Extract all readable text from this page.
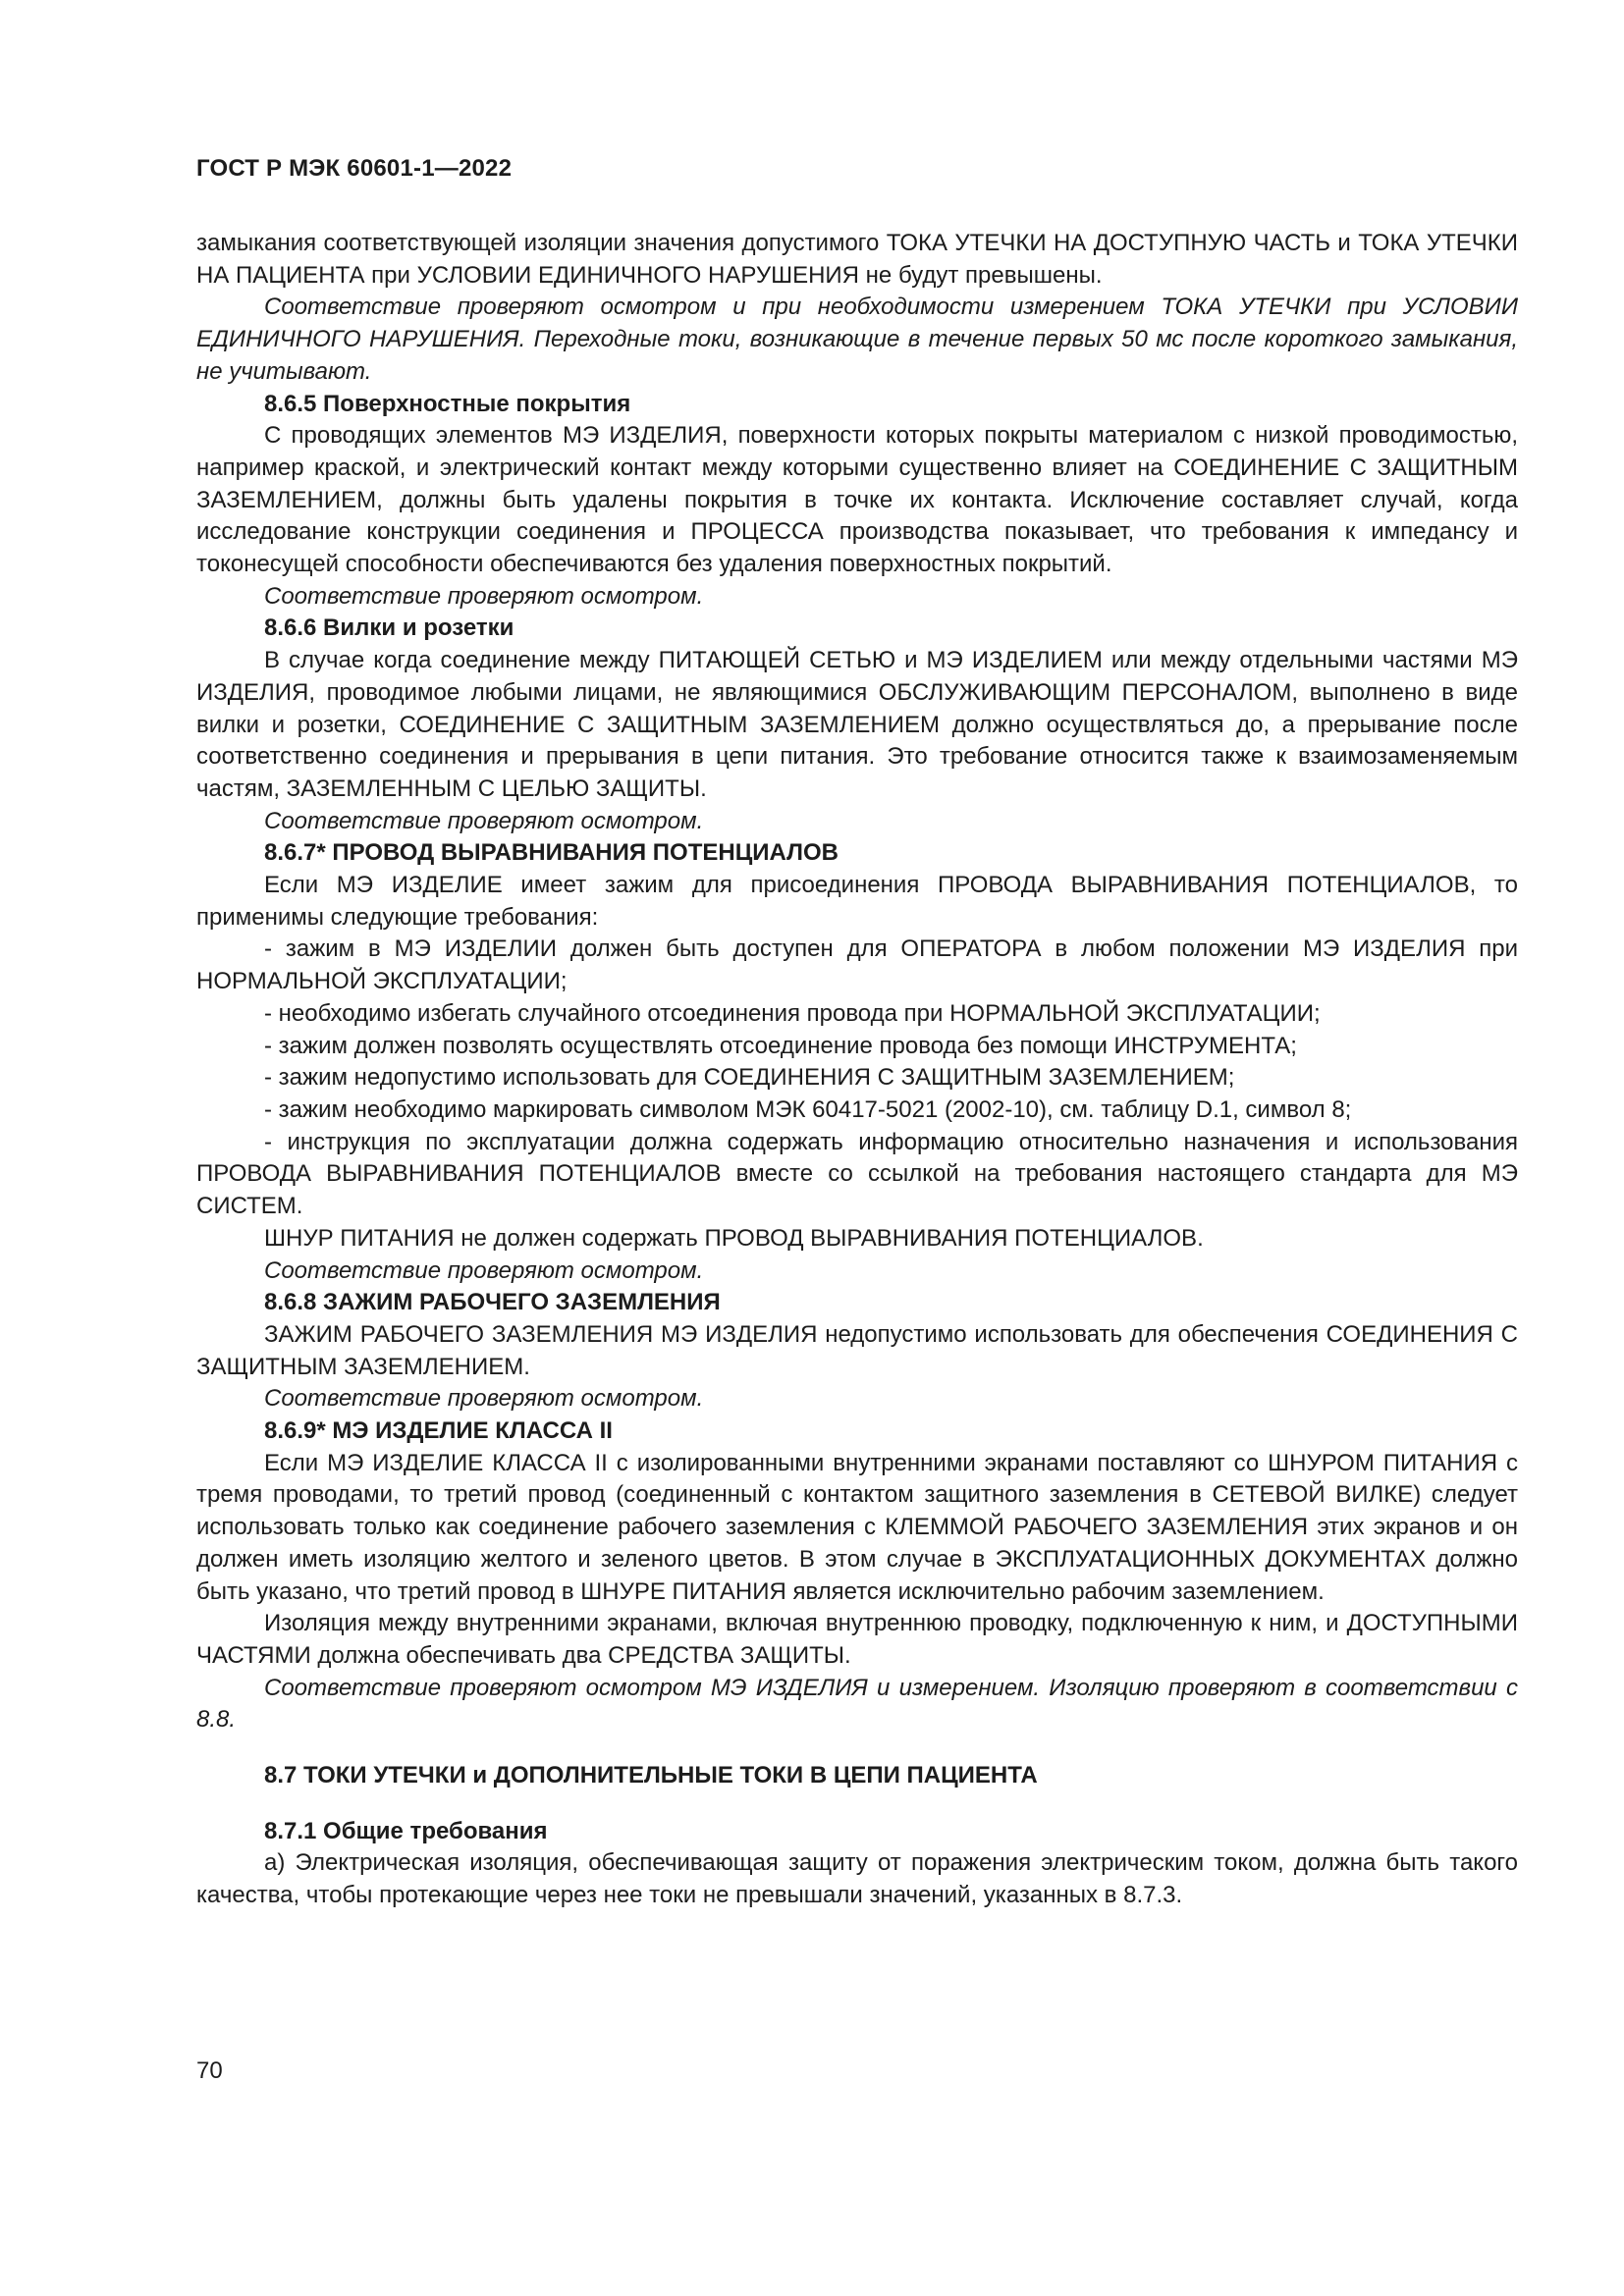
ГОСТ Р МЭК 60601-1—2022

замыкания соответствующей изоляции значения допустимого ТОКА УТЕЧКИ НА ДОСТУПНУЮ ЧАСТЬ и ТОКА УТЕЧКИ НА ПАЦИЕНТА при УСЛОВИИ ЕДИНИЧНОГО НАРУШЕНИЯ не будут превышены.

Соответствие проверяют осмотром и при необходимости измерением ТОКА УТЕЧКИ при УСЛОВИИ ЕДИНИЧНОГО НАРУШЕНИЯ. Переходные токи, возникающие в течение первых 50 мс после короткого замыкания, не учитывают.

8.6.5 Поверхностные покрытия

С проводящих элементов МЭ ИЗДЕЛИЯ, поверхности которых покрыты материалом с низкой проводимостью, например краской, и электрический контакт между которыми существенно влияет на СОЕДИНЕНИЕ С ЗАЩИТНЫМ ЗАЗЕМЛЕНИЕМ, должны быть удалены покрытия в точке их контакта. Исключение составляет случай, когда исследование конструкции соединения и ПРОЦЕССА производства показывает, что требования к импедансу и токонесущей способности обеспечиваются без удаления поверхностных покрытий.

Соответствие проверяют осмотром.

8.6.6 Вилки и розетки

В случае когда соединение между ПИТАЮЩЕЙ СЕТЬЮ и МЭ ИЗДЕЛИЕМ или между отдельными частями МЭ ИЗДЕЛИЯ, проводимое любыми лицами, не являющимися ОБСЛУЖИВАЮЩИМ ПЕРСОНАЛОМ, выполнено в виде вилки и розетки, СОЕДИНЕНИЕ С ЗАЩИТНЫМ ЗАЗЕМЛЕНИЕМ должно осуществляться до, а прерывание после соответственно соединения и прерывания в цепи питания. Это требование относится также к взаимозаменяемым частям, ЗАЗЕМЛЕННЫМ С ЦЕЛЬЮ ЗАЩИТЫ.

Соответствие проверяют осмотром.

8.6.7* ПРОВОД ВЫРАВНИВАНИЯ ПОТЕНЦИАЛОВ

Если МЭ ИЗДЕЛИЕ имеет зажим для присоединения ПРОВОДА ВЫРАВНИВАНИЯ ПОТЕНЦИАЛОВ, то применимы следующие требования:

- зажим в МЭ ИЗДЕЛИИ должен быть доступен для ОПЕРАТОРА в любом положении МЭ ИЗДЕЛИЯ при НОРМАЛЬНОЙ ЭКСПЛУАТАЦИИ;

- необходимо избегать случайного отсоединения провода при НОРМАЛЬНОЙ ЭКСПЛУАТАЦИИ;

- зажим должен позволять осуществлять отсоединение провода без помощи ИНСТРУМЕНТА;

- зажим недопустимо использовать для СОЕДИНЕНИЯ С ЗАЩИТНЫМ ЗАЗЕМЛЕНИЕМ;

- зажим необходимо маркировать символом МЭК 60417-5021 (2002-10), см. таблицу D.1, символ 8;

- инструкция по эксплуатации должна содержать информацию относительно назначения и использования ПРОВОДА ВЫРАВНИВАНИЯ ПОТЕНЦИАЛОВ вместе со ссылкой на требования настоящего стандарта для МЭ СИСТЕМ.

ШНУР ПИТАНИЯ не должен содержать ПРОВОД ВЫРАВНИВАНИЯ ПОТЕНЦИАЛОВ.

Соответствие проверяют осмотром.

8.6.8 ЗАЖИМ РАБОЧЕГО ЗАЗЕМЛЕНИЯ

ЗАЖИМ РАБОЧЕГО ЗАЗЕМЛЕНИЯ МЭ ИЗДЕЛИЯ недопустимо использовать для обеспечения СОЕДИНЕНИЯ С ЗАЩИТНЫМ ЗАЗЕМЛЕНИЕМ.

Соответствие проверяют осмотром.

8.6.9* МЭ ИЗДЕЛИЕ КЛАССА II

Если МЭ ИЗДЕЛИЕ КЛАССА II с изолированными внутренними экранами поставляют со ШНУРОМ ПИТАНИЯ с тремя проводами, то третий провод (соединенный с контактом защитного заземления в СЕТЕВОЙ ВИЛКЕ) следует использовать только как соединение рабочего заземления с КЛЕММОЙ РАБОЧЕГО ЗАЗЕМЛЕНИЯ этих экранов и он должен иметь изоляцию желтого и зеленого цветов. В этом случае в ЭКСПЛУАТАЦИОННЫХ ДОКУМЕНТАХ должно быть указано, что третий провод в ШНУРЕ ПИТАНИЯ является исключительно рабочим заземлением.

Изоляция между внутренними экранами, включая внутреннюю проводку, подключенную к ним, и ДОСТУПНЫМИ ЧАСТЯМИ должна обеспечивать два СРЕДСТВА ЗАЩИТЫ.

Соответствие проверяют осмотром МЭ ИЗДЕЛИЯ и измерением. Изоляцию проверяют в соответствии с 8.8.

8.7 ТОКИ УТЕЧКИ и ДОПОЛНИТЕЛЬНЫЕ ТОКИ В ЦЕПИ ПАЦИЕНТА

8.7.1 Общие требования

a) Электрическая изоляция, обеспечивающая защиту от поражения электрическим током, должна быть такого качества, чтобы протекающие через нее токи не превышали значений, указанных в 8.7.3.

70
